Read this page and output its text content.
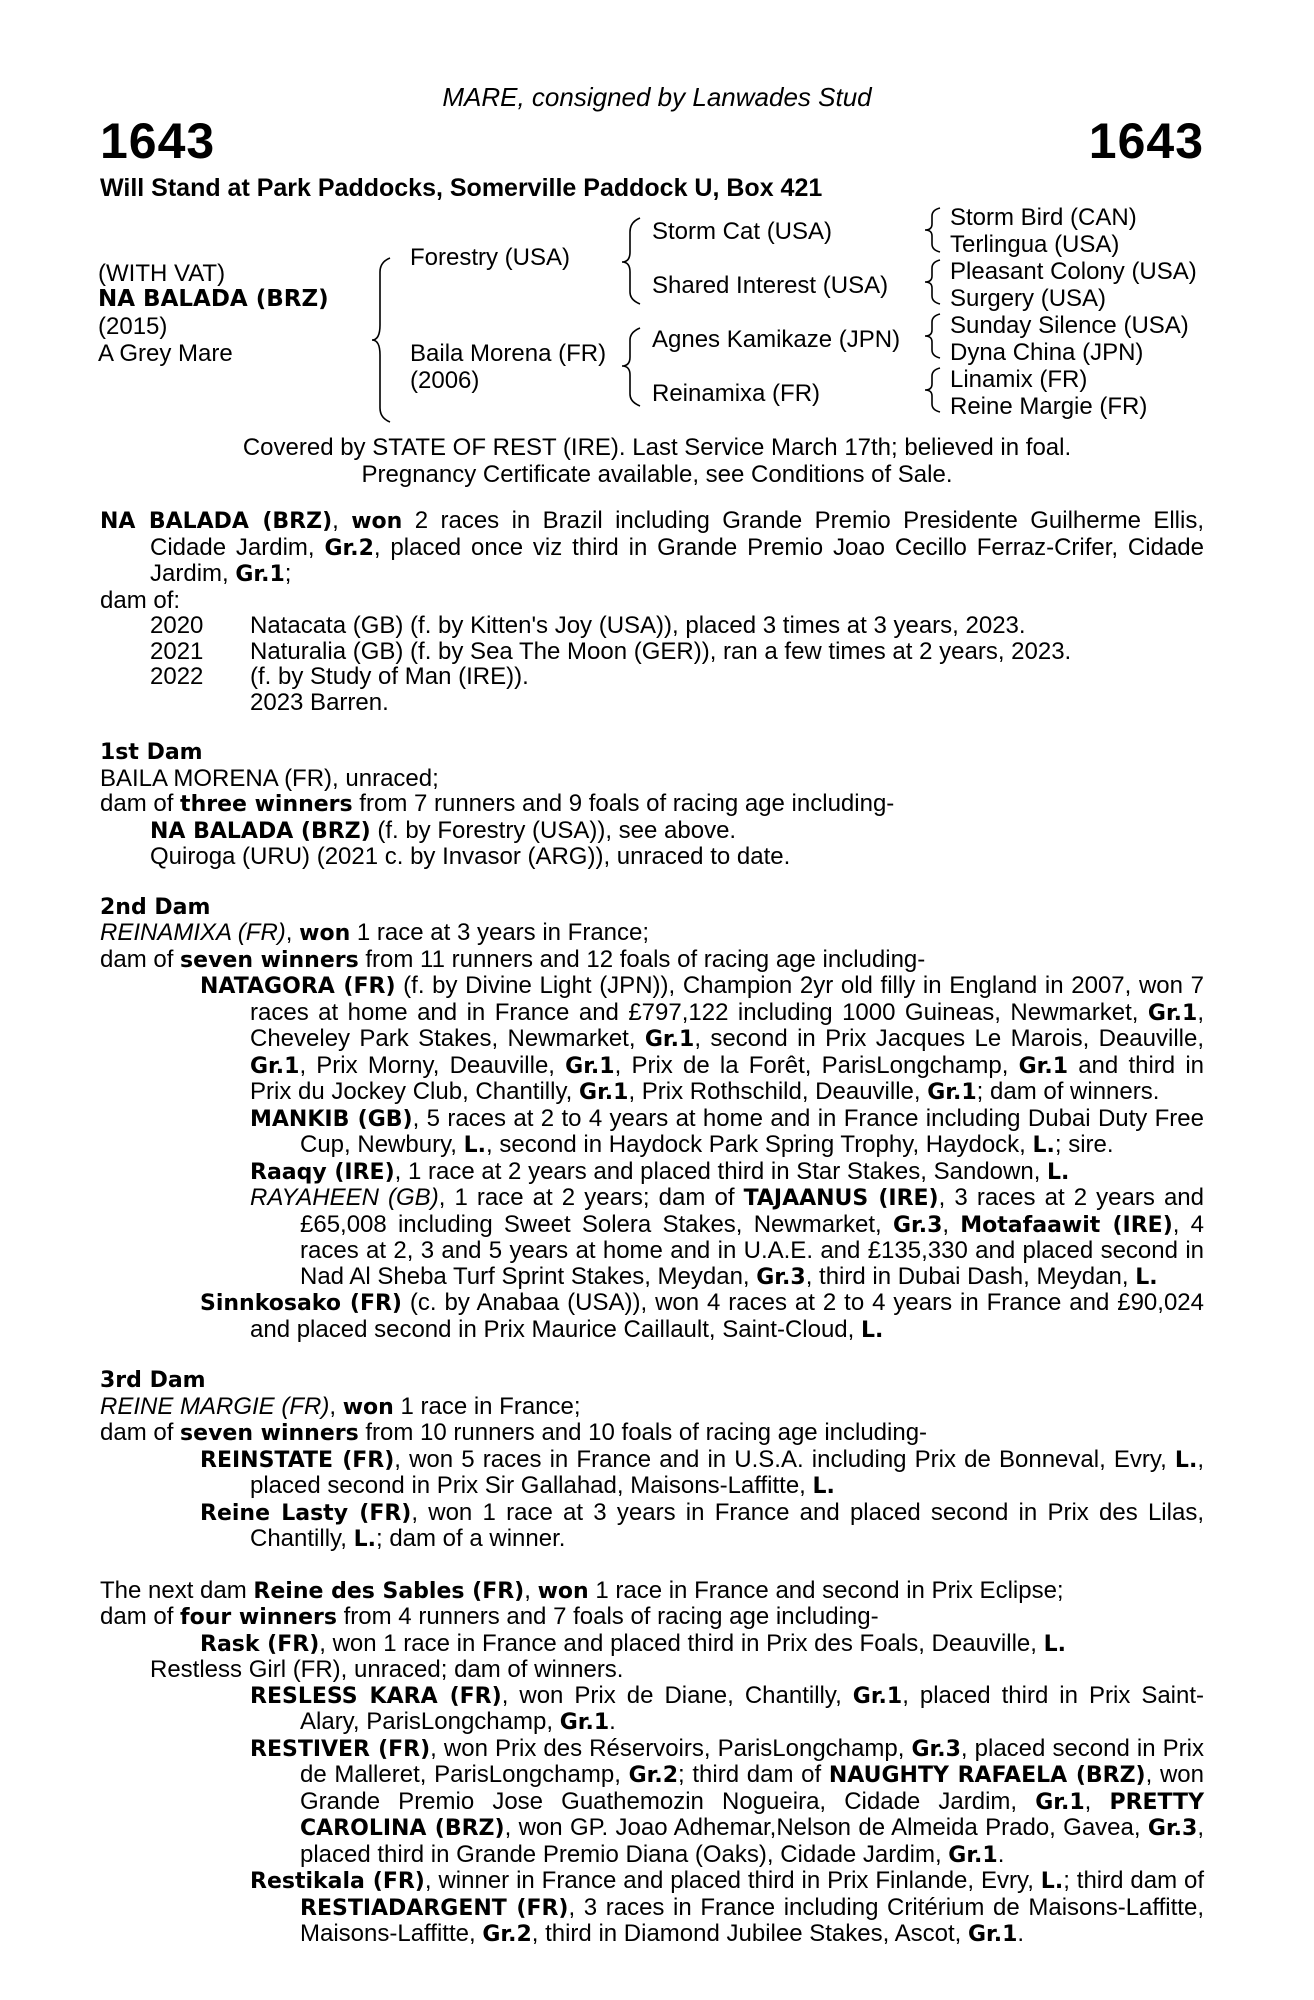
MARE, consigned by Lanwades Stud
1643	1643
Will Stand at Park Paddocks, Somerville Paddock U, Box 421
(WITH VAT)
NA BALADA (BRZ)
(2015)
A Grey Mare
Forestry (USA)
Baila Morena (FR)
(2006)
Storm Cat (USA)
Shared Interest (USA)
Agnes Kamikaze (JPN)
Reinamixa (FR)
Storm Bird (CAN)
Terlingua (USA)
Pleasant Colony (USA)
Surgery (USA)
Sunday Silence (USA)
Dyna China (JPN)
Linamix (FR)
Reine Margie (FR)
Covered by STATE OF REST (IRE). Last Service March 17th; believed in foal.
Pregnancy Certificate available, see Conditions of Sale.

NA BALADA (BRZ), won 2 races in Brazil including Grande Premio Presidente Guilherme Ellis, Cidade Jardim, Gr.2, placed once viz third in Grande Premio Joao Cecillo Ferraz-Crifer, Cidade Jardim, Gr.1;

dam of:

2020 Natacata (GB) (f. by Kitten's Joy (USA)), placed 3 times at 3 years, 2023.

2021 Naturalia (GB) (f. by Sea The Moon (GER)), ran a few times at 2 years, 2023.

2022 (f. by Study of Man (IRE)).

2023 Barren.

1st Dam

BAILA MORENA (FR), unraced;

dam of three winners from 7 runners and 9 foals of racing age including-

NA BALADA (BRZ) (f. by Forestry (USA)), see above.

Quiroga (URU) (2021 c. by Invasor (ARG)), unraced to date.

2nd Dam

REINAMIXA (FR), won 1 race at 3 years in France;

dam of seven winners from 11 runners and 12 foals of racing age including-

NATAGORA (FR) (f. by Divine Light (JPN)), Champion 2yr old filly in England in 2007, won 7 races at home and in France and £797,122 including 1000 Guineas, Newmarket, Gr.1, Cheveley Park Stakes, Newmarket, Gr.1, second in Prix Jacques Le Marois, Deauville, Gr.1, Prix Morny, Deauville, Gr.1, Prix de la Forêt, ParisLongchamp, Gr.1 and third in Prix du Jockey Club, Chantilly, Gr.1, Prix Rothschild, Deauville, Gr.1; dam of winners.

MANKIB (GB), 5 races at 2 to 4 years at home and in France including Dubai Duty Free Cup, Newbury, L., second in Haydock Park Spring Trophy, Haydock, L.; sire.

Raaqy (IRE), 1 race at 2 years and placed third in Star Stakes, Sandown, L.

RAYAHEEN (GB), 1 race at 2 years; dam of TAJAANUS (IRE), 3 races at 2 years and £65,008 including Sweet Solera Stakes, Newmarket, Gr.3, Motafaawit (IRE), 4 races at 2, 3 and 5 years at home and in U.A.E. and £135,330 and placed second in Nad Al Sheba Turf Sprint Stakes, Meydan, Gr.3, third in Dubai Dash, Meydan, L.

Sinnkosako (FR) (c. by Anabaa (USA)), won 4 races at 2 to 4 years in France and £90,024 and placed second in Prix Maurice Caillault, Saint-Cloud, L.

3rd Dam

REINE MARGIE (FR), won 1 race in France;

dam of seven winners from 10 runners and 10 foals of racing age including-

REINSTATE (FR), won 5 races in France and in U.S.A. including Prix de Bonneval, Evry, L., placed second in Prix Sir Gallahad, Maisons-Laffitte, L.

Reine Lasty (FR), won 1 race at 3 years in France and placed second in Prix des Lilas, Chantilly, L.; dam of a winner.

The next dam Reine des Sables (FR), won 1 race in France and second in Prix Eclipse;

dam of four winners from 4 runners and 7 foals of racing age including-

Rask (FR), won 1 race in France and placed third in Prix des Foals, Deauville, L.

Restless Girl (FR), unraced; dam of winners.

RESLESS KARA (FR), won Prix de Diane, Chantilly, Gr.1, placed third in Prix Saint-Alary, ParisLongchamp, Gr.1.

RESTIVER (FR), won Prix des Réservoirs, ParisLongchamp, Gr.3, placed second in Prix de Malleret, ParisLongchamp, Gr.2; third dam of NAUGHTY RAFAELA (BRZ), won Grande Premio Jose Guathemozin Nogueira, Cidade Jardim, Gr.1, PRETTY CAROLINA (BRZ), won GP. Joao Adhemar,Nelson de Almeida Prado, Gavea, Gr.3, placed third in Grande Premio Diana (Oaks), Cidade Jardim, Gr.1.

Restikala (FR), winner in France and placed third in Prix Finlande, Evry, L.; third dam of RESTIADARGENT (FR), 3 races in France including Critérium de Maisons-Laffitte, Maisons-Laffitte, Gr.2, third in Diamond Jubilee Stakes, Ascot, Gr.1.
